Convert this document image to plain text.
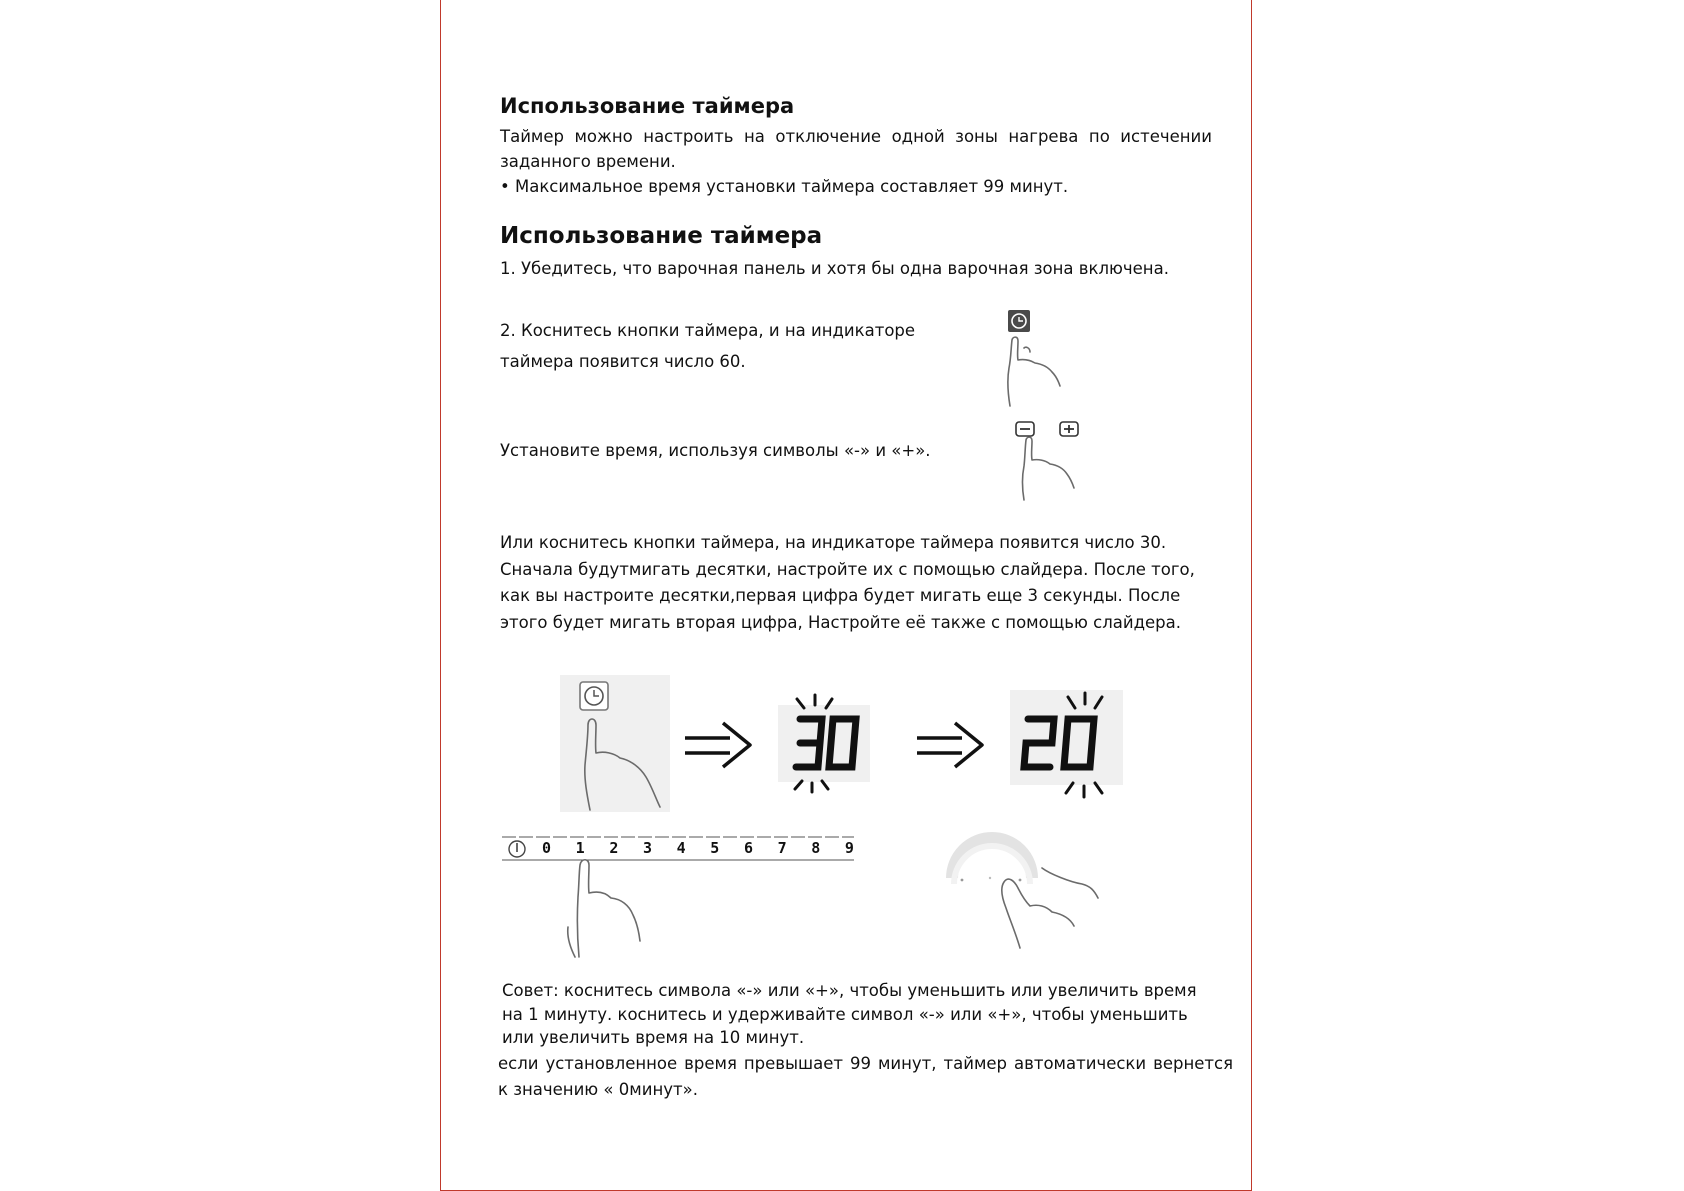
Использование таймера
Таймер можно настроить на отключение одной зоны нагрева по истечении заданного времени.
• Максимальное время установки таймера составляет 99 минут.
Использование таймера
1. Убедитесь, что варочная панель и хотя бы одна варочная зона включена.
2. Коснитесь кнопки таймера, и на индикаторе
таймера появится число 60.
Установите время, используя символы «-» и «+».
Или коснитесь кнопки таймера, на индикаторе таймера появится число 30.
Сначала будутмигать десятки, настройте их с помощью слайдера. После того,
как вы настроите десятки,первая цифра будет мигать еще 3 секунды. После
этого будет мигать вторая цифра, Настройте её также с помощью слайдера.
30	20
0 1 2 3 4 5 6 7 8 9
Совет: коснитесь символа «-» или «+», чтобы уменьшить или увеличить время
на 1 минуту. коснитесь и удерживайте символ «-» или «+», чтобы уменьшить
или увеличить время на 10 минут.
если установленное время превышает 99 минут, таймер автоматически вернется
к значению « 0минут».
